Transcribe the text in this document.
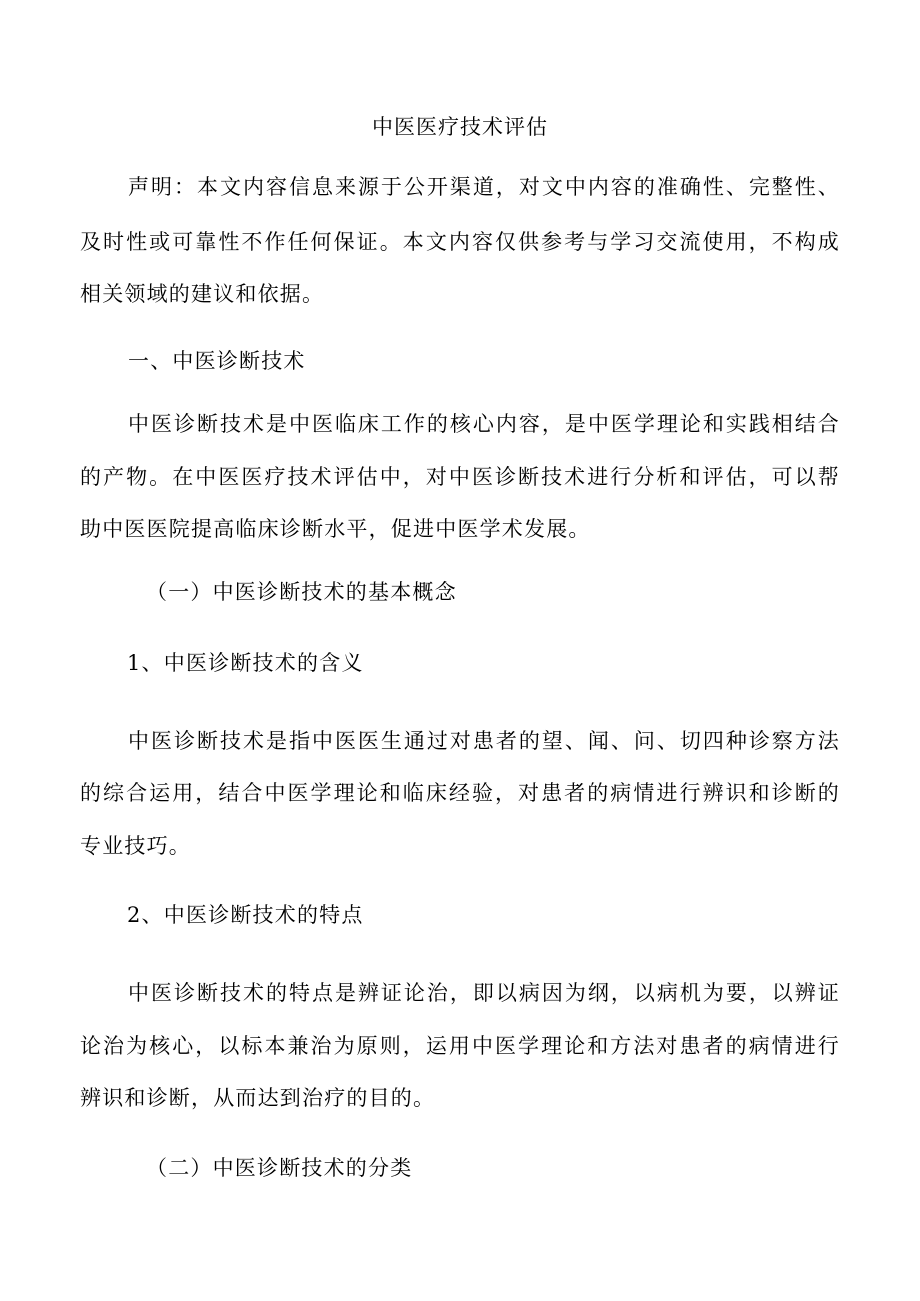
中医医疗技术评估
声明：本文内容信息来源于公开渠道，对文中内容的准确性、完整性、
及时性或可靠性不作任何保证。本文内容仅供参考与学习交流使用，不构成
相关领域的建议和依据。
一、中医诊断技术
中医诊断技术是中医临床工作的核心内容，是中医学理论和实践相结合
的产物。在中医医疗技术评估中，对中医诊断技术进行分析和评估，可以帮
助中医医院提高临床诊断水平，促进中医学术发展。
（一）中医诊断技术的基本概念
1、中医诊断技术的含义
中医诊断技术是指中医医生通过对患者的望、闻、问、切四种诊察方法
的综合运用，结合中医学理论和临床经验，对患者的病情进行辨识和诊断的
专业技巧。
2、中医诊断技术的特点
中医诊断技术的特点是辨证论治，即以病因为纲，以病机为要，以辨证
论治为核心，以标本兼治为原则，运用中医学理论和方法对患者的病情进行
辨识和诊断，从而达到治疗的目的。
（二）中医诊断技术的分类
